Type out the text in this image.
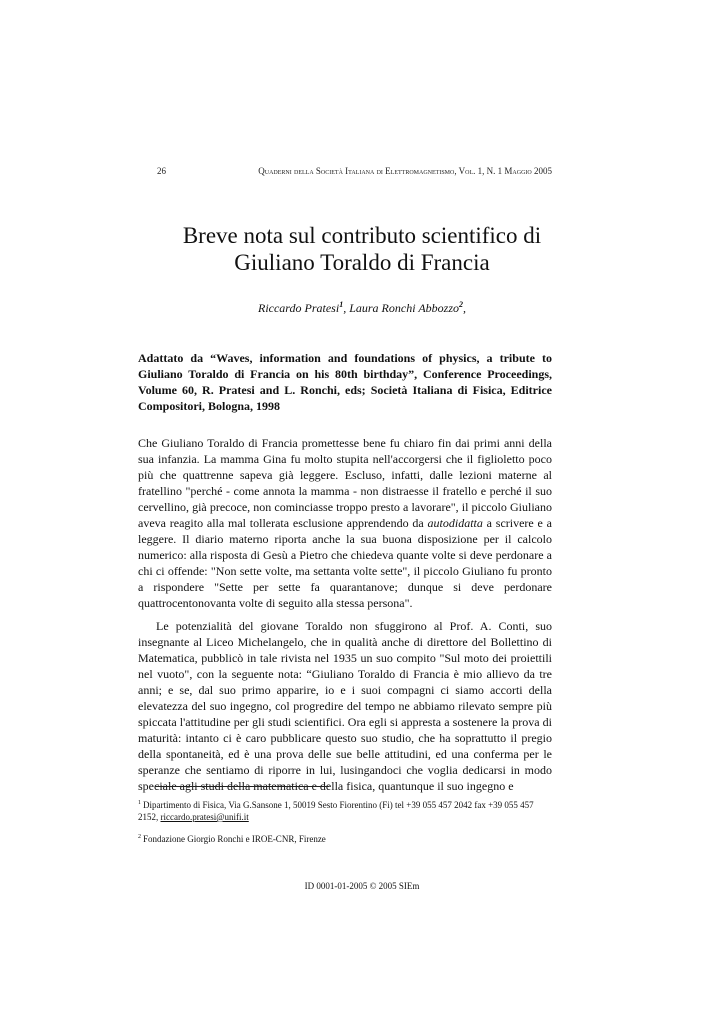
26	Quaderni della Società Italiana di Elettromagnetismo, Vol. 1, N. 1 Maggio 2005
Breve nota sul contributo scientifico di
Giuliano Toraldo di Francia
Riccardo Pratesi$^1$, Laura Ronchi Abbozzo$^2$,
Adattato da “Waves, information and foundations of physics, a tribute to Giuliano Toraldo di Francia on his 80th birthday”, Conference Proceedings, Volume 60, R. Pratesi and L. Ronchi, eds; Società Italiana di Fisica, Editrice Compositori, Bologna, 1998

Che Giuliano Toraldo di Francia promettesse bene fu chiaro fin dai primi anni della sua infanzia. La mamma Gina fu molto stupita nell'accorgersi che il figlioletto poco più che quattrenne sapeva già leggere. Escluso, infatti, dalle lezioni materne al fratellino "perché - come annota la mamma - non distraesse il fratello e perché il suo cervellino, già precoce, non cominciasse troppo presto a lavorare", il piccolo Giuliano aveva reagito alla mal tollerata esclusione apprendendo da autodidatta a scrivere e a leggere. Il diario materno riporta anche la sua buona disposizione per il calcolo numerico: alla risposta di Gesù a Pietro che chiedeva quante volte si deve perdonare a chi ci offende: "Non sette volte, ma settanta volte sette", il piccolo Giuliano fu pronto a rispondere "Sette per sette fa quarantanove; dunque si deve perdonare quattrocentonovanta volte di seguito alla stessa persona".

Le potenzialità del giovane Toraldo non sfuggirono al Prof. A. Conti, suo insegnante al Liceo Michelangelo, che in qualità anche di direttore del Bollettino di Matematica, pubblicò in tale rivista nel 1935 un suo compito "Sul moto dei proiettili nel vuoto", con la seguente nota: “Giuliano Toraldo di Francia è mio allievo da tre anni; e se, dal suo primo apparire, io e i suoi compagni ci siamo accorti della elevatezza del suo ingegno, col progredire del tempo ne abbiamo rilevato sempre più spiccata l'attitudine per gli studi scientifici. Ora egli si appresta a sostenere la prova di maturità: intanto ci è caro pubblicare questo suo studio, che ha soprattutto il pregio della spontaneità, ed è una prova delle sue belle attitudini, ed una conferma per le speranze che sentiamo di riporre in lui, lusingandoci che voglia dedicarsi in modo speciale agli studi della matematica e della fisica, quantunque il suo ingegno e

$^1$ Dipartimento di Fisica, Via G.Sansone 1, 50019 Sesto Fiorentino (Fi) tel +39 055 457 2042 fax +39 055 457 2152, riccardo.pratesi@unifi.it
$^2$ Fondazione Giorgio Ronchi e IROE-CNR, Firenze
ID 0001-01-2005 © 2005 SIEm
